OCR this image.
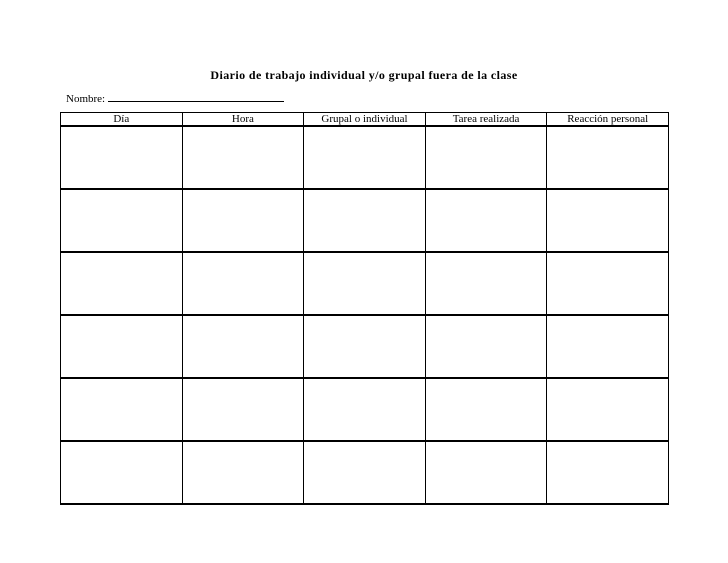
Diario de trabajo individual y/o grupal fuera de la clase
Nombre:
Día	Hora	Grupal o individual	Tarea realizada	Reacción personal
